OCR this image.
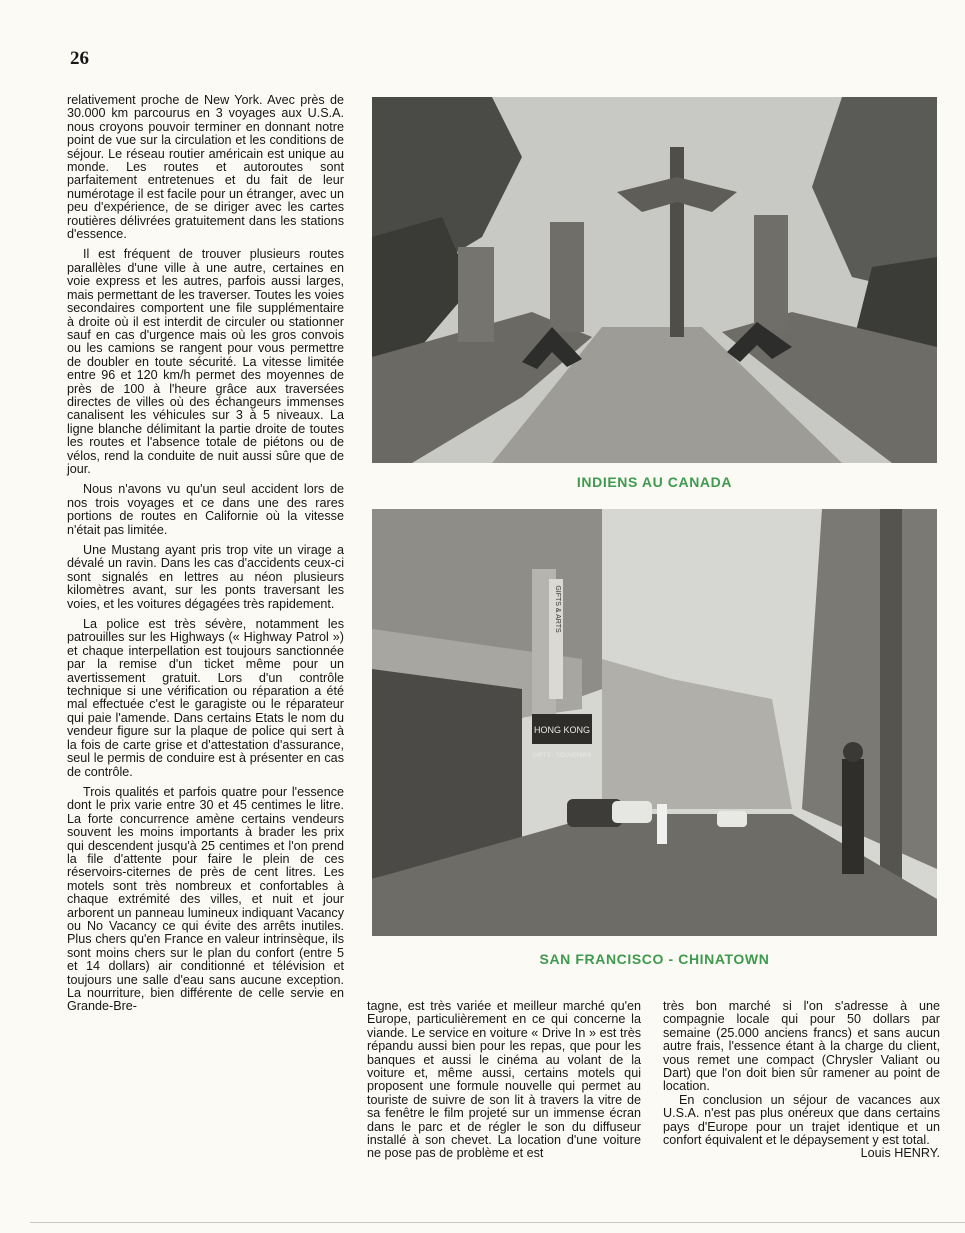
26

relativement proche de New York. Avec près de 30.000 km parcourus en 3 voyages aux U.S.A. nous croyons pouvoir terminer en donnant notre point de vue sur la circulation et les conditions de séjour. Le réseau routier américain est unique au monde. Les routes et autoroutes sont parfaitement entretenues et du fait de leur numérotage il est facile pour un étranger, avec un peu d'expérience, de se diriger avec les cartes routières délivrées gratuitement dans les stations d'essence.

Il est fréquent de trouver plusieurs routes parallèles d'une ville à une autre, certaines en voie express et les autres, parfois aussi larges, mais permettant de les traverser. Toutes les voies secondaires comportent une file supplémentaire à droite où il est interdit de circuler ou stationner sauf en cas d'urgence mais où les gros convois ou les camions se rangent pour vous permettre de doubler en toute sécurité. La vitesse limitée entre 96 et 120 km/h permet des moyennes de près de 100 à l'heure grâce aux traversées directes de villes où des échangeurs immenses canalisent les véhicules sur 3 à 5 niveaux. La ligne blanche délimitant la partie droite de toutes les routes et l'absence totale de piétons ou de vélos, rend la conduite de nuit aussi sûre que de jour.

Nous n'avons vu qu'un seul accident lors de nos trois voyages et ce dans une des rares portions de routes en Californie où la vitesse n'était pas limitée.

Une Mustang ayant pris trop vite un virage a dévalé un ravin. Dans les cas d'accidents ceux-ci sont signalés en lettres au néon plusieurs kilomètres avant, sur les ponts traversant les voies, et les voitures dégagées très rapidement.

La police est très sévère, notamment les patrouilles sur les Highways (« Highway Patrol ») et chaque interpellation est toujours sanctionnée par la remise d'un ticket même pour un avertissement gratuit. Lors d'un contrôle technique si une vérification ou réparation a été mal effectuée c'est le garagiste ou le réparateur qui paie l'amende. Dans certains Etats le nom du vendeur figure sur la plaque de police qui sert à la fois de carte grise et d'attestation d'assurance, seul le permis de conduire est à présenter en cas de contrôle.

Trois qualités et parfois quatre pour l'essence dont le prix varie entre 30 et 45 centimes le litre. La forte concurrence amène certains vendeurs souvent les moins importants à brader les prix qui descendent jusqu'à 25 centimes et l'on prend la file d'attente pour faire le plein de ces réservoirs-citernes de près de cent litres. Les motels sont très nombreux et confortables à chaque extrémité des villes, et nuit et jour arborent un panneau lumineux indiquant Vacancy ou No Vacancy ce qui évite des arrêts inutiles. Plus chers qu'en France en valeur intrinsèque, ils sont moins chers sur le plan du confort (entre 5 et 14 dollars) air conditionné et télévision et toujours une salle d'eau sans aucune exception. La nourriture, bien différente de celle servie en Grande-Bre-

INDIENS AU CANADA
GIFTS & ARTS
HONG KONG
GIFTS - SOUVENIRS
SAN FRANCISCO - CHINATOWN

tagne, est très variée et meilleur marché qu'en Europe, particulièrement en ce qui concerne la viande. Le service en voiture « Drive In » est très répandu aussi bien pour les repas, que pour les banques et aussi le cinéma au volant de la voiture et, même aussi, certains motels qui proposent une formule nouvelle qui permet au touriste de suivre de son lit à travers la vitre de sa fenêtre le film projeté sur un immense écran dans le parc et de régler le son du diffuseur installé à son chevet. La location d'une voiture ne pose pas de problème et est

très bon marché si l'on s'adresse à une compagnie locale qui pour 50 dollars par semaine (25.000 anciens francs) et sans aucun autre frais, l'essence étant à la charge du client, vous remet une compact (Chrysler Valiant ou Dart) que l'on doit bien sûr ramener au point de location.

En conclusion un séjour de vacances aux U.S.A. n'est pas plus onéreux que dans certains pays d'Europe pour un trajet identique et un confort équivalent et le dépaysement y est total.

Louis HENRY.
